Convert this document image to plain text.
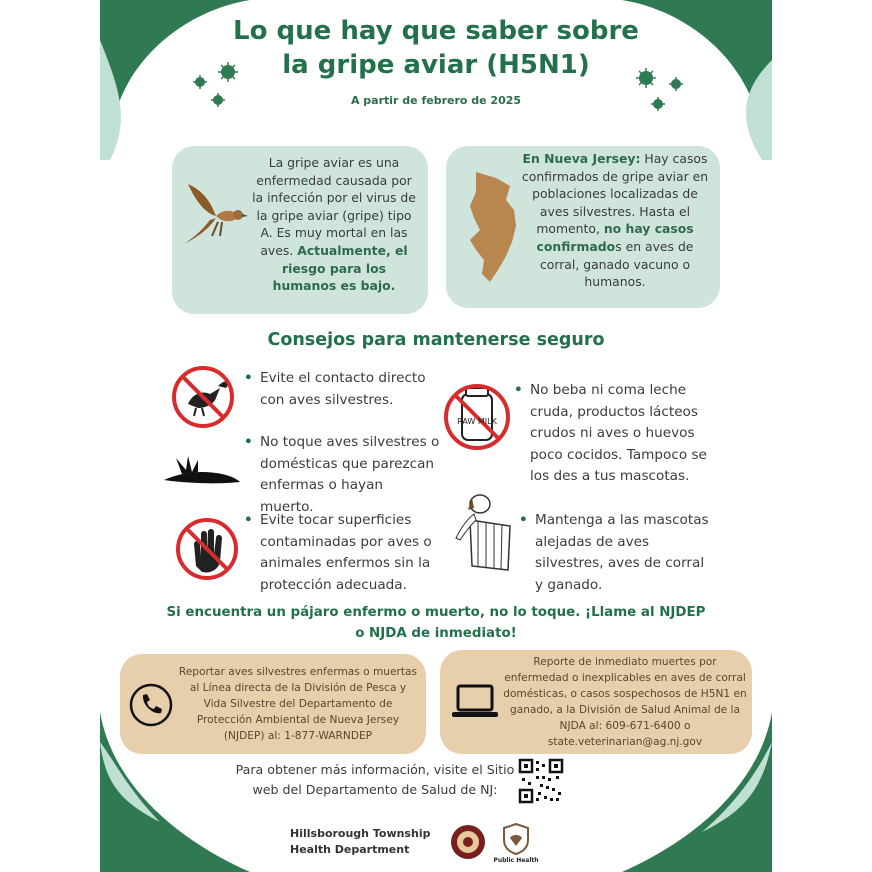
Lo que hay que saber sobre
la gripe aviar (H5N1)
A partir de febrero de 2025
La gripe aviar es una enfermedad causada por la infección por el virus de la gripe aviar (gripe) tipo A. Es muy mortal en las aves. Actualmente, el riesgo para los humanos es bajo.
En Nueva Jersey: Hay casos confirmados de gripe aviar en poblaciones localizadas de aves silvestres. Hasta el momento, no hay casos confirmados en aves de corral, ganado vacuno o humanos.
Consejos para mantenerse seguro
RAW MILK
• Evite el contacto directo con aves silvestres.
• No toque aves silvestres o domésticas que parezcan enfermas o hayan muerto.
• Evite tocar superficies contaminadas por aves o animales enfermos sin la protección adecuada.
• No beba ni coma leche cruda, productos lácteos crudos ni aves o huevos poco cocidos. Tampoco se los des a tus mascotas.
• Mantenga a las mascotas alejadas de aves silvestres, aves de corral y ganado.
Si encuentra un pájaro enfermo o muerto, no lo toque. ¡Llame al NJDEP
o NJDA de inmediato!
Reportar aves silvestres enfermas o muertas al Línea directa de la División de Pesca y Vida Silvestre del Departamento de Protección Ambiental de Nueva Jersey (NJDEP) al: 1-877-WARNDEP
Reporte de inmediato muertes por enfermedad o inexplicables en aves de corral domésticas, o casos sospechosos de H5N1 en ganado, a la División de Salud Animal de la NJDA al: 609-671-6400 o state.veterinarian@ag.nj.gov
Para obtener más información, visite el Sitio web del Departamento de Salud de NJ:
Hillsborough Township
Health Department
Public Health
